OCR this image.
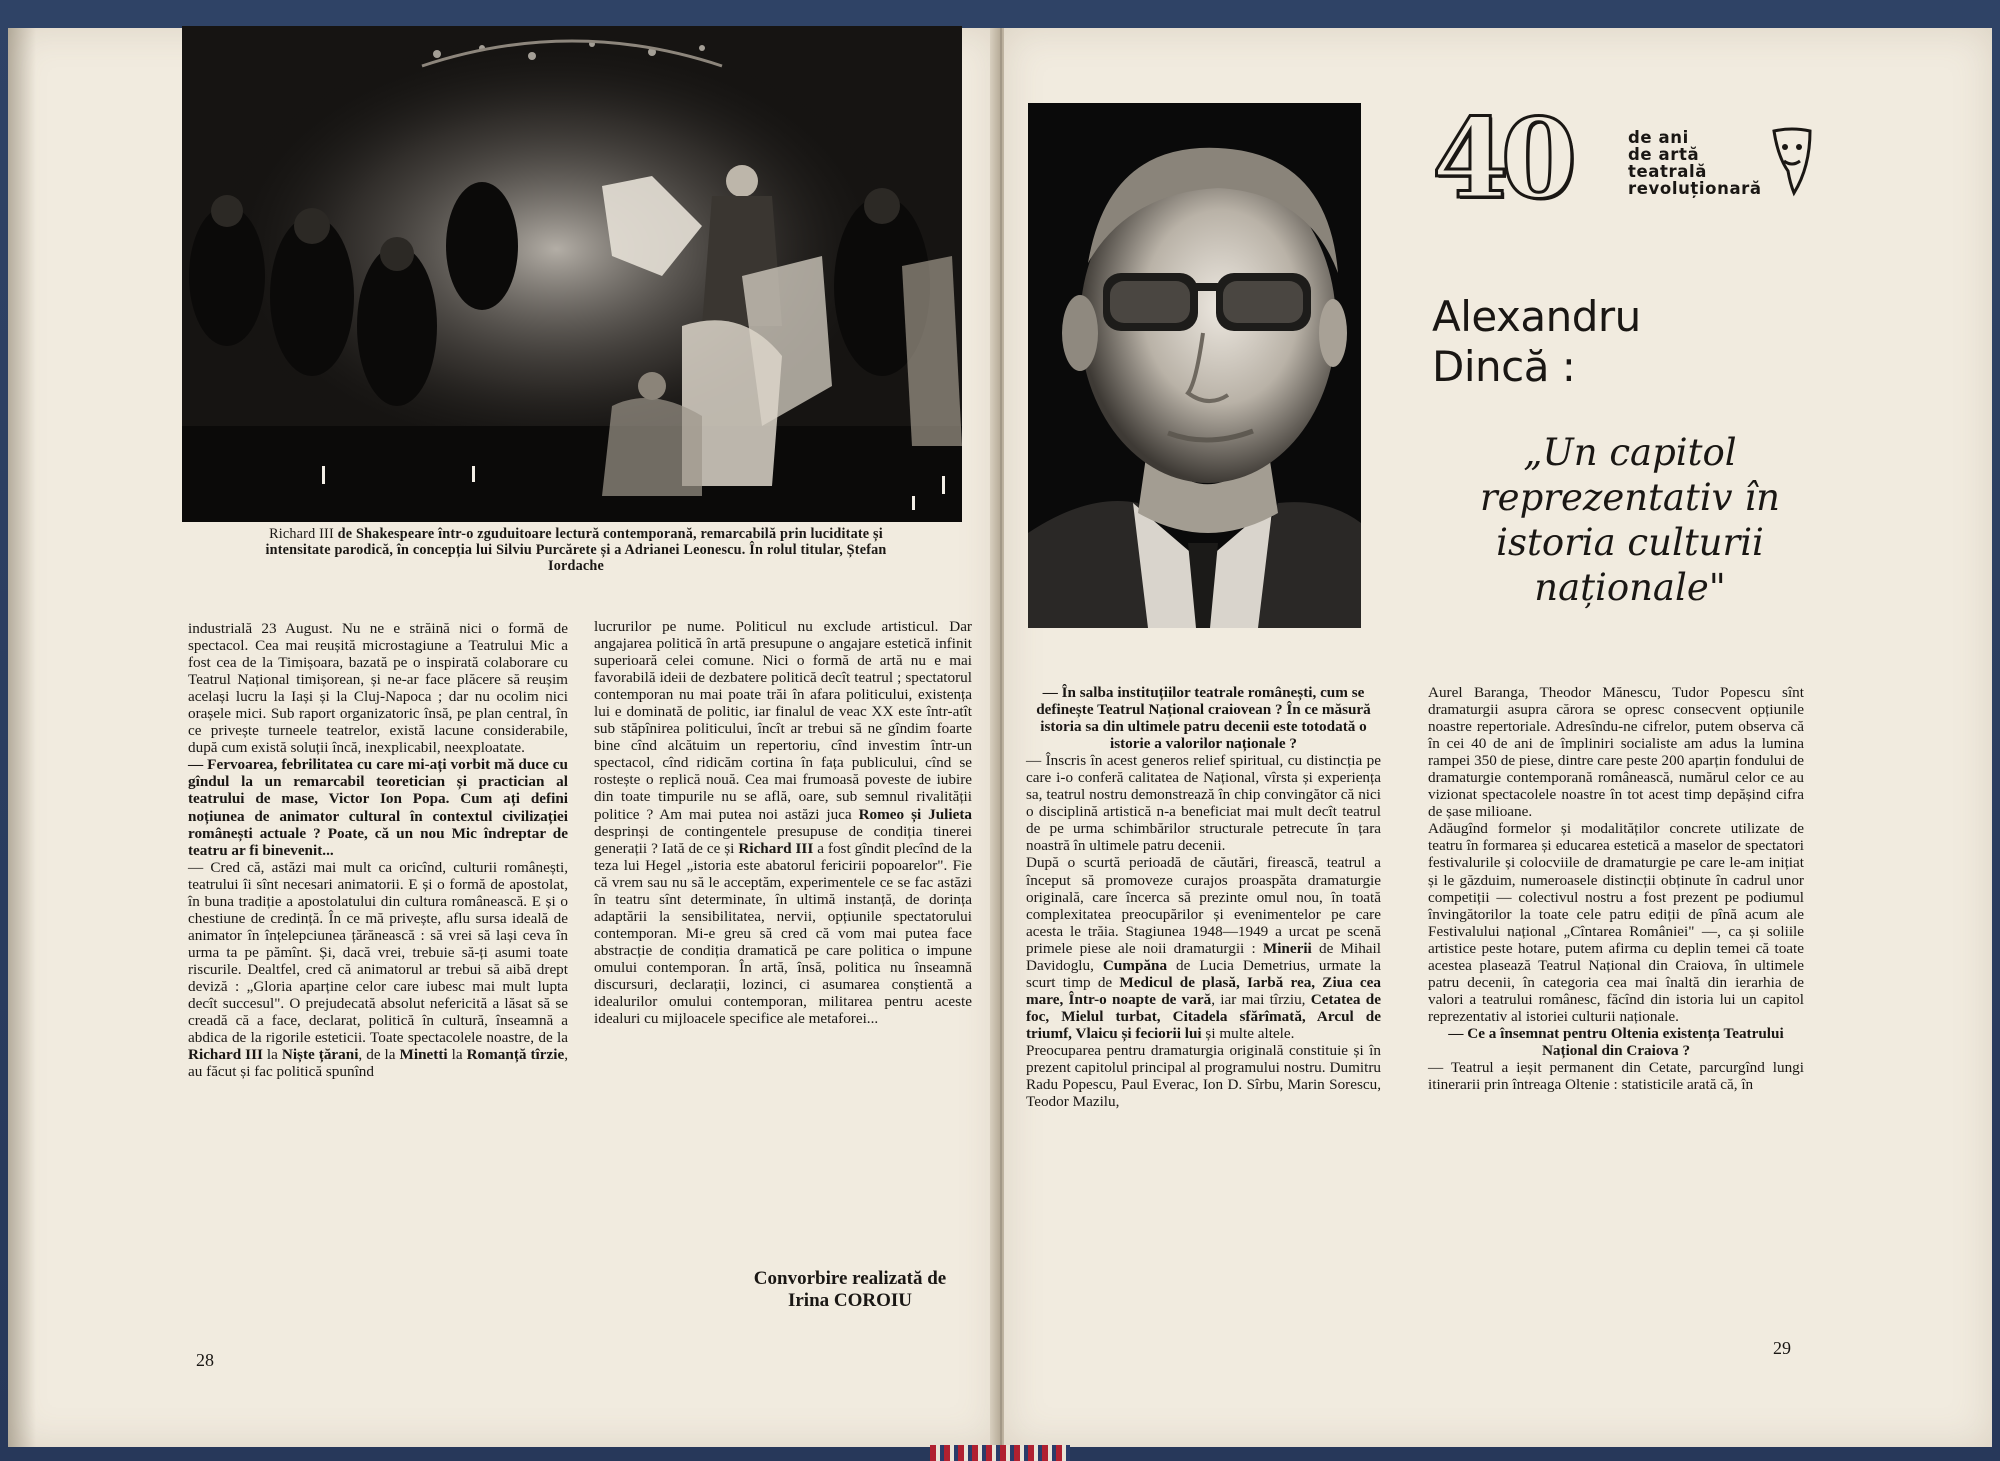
Richard III de Shakespeare într-o zguduitoare lectură contemporană, remarcabilă prin luciditate și intensitate parodică, în concepția lui Silviu Purcărete și a Adrianei Leonescu. În rolul titular, Ștefan Iordache

industrială 23 August. Nu ne e străină nici o formă de spectacol. Cea mai reușită microstagiune a Teatrului Mic a fost cea de la Timișoara, bazată pe o inspirată colaborare cu Teatrul Național timișorean, și ne-ar face plăcere să reușim același lucru la Iași și la Cluj-Napoca ; dar nu ocolim nici orașele mici. Sub raport organizatoric însă, pe plan central, în ce privește turneele teatrelor, există lacune considerabile, după cum există soluții încă, inexplicabil, neexploatate.

— Fervoarea, febrilitatea cu care mi-ați vorbit mă duce cu gîndul la un remarcabil teoretician și practician al teatrului de mase, Victor Ion Popa. Cum ați defini noțiunea de animator cultural în contextul civilizației românești actuale ? Poate, că un nou Mic îndreptar de teatru ar fi binevenit...

— Cred că, astăzi mai mult ca oricînd, culturii românești, teatrului îi sînt necesari animatorii. E și o formă de apostolat, în buna tradiție a apostolatului din cultura românească. E și o chestiune de credință. În ce mă privește, aflu sursa ideală de animator în înțelepciunea țărănească : să vrei să lași ceva în urma ta pe pămînt. Și, dacă vrei, trebuie să-ți asumi toate riscurile. Dealtfel, cred că animatorul ar trebui să aibă drept deviză : „Gloria aparține celor care iubesc mai mult lupta decît succesul". O prejudecată absolut nefericită a lăsat să se creadă că a face, declarat, politică în cultură, înseamnă a abdica de la rigorile esteticii. Toate spectacolele noastre, de la Richard III la Niște țărani, de la Minetti la Romanță tîrzie, au făcut și fac politică spunînd

lucrurilor pe nume. Politicul nu exclude artisticul. Dar angajarea politică în artă presupune o angajare estetică infinit superioară celei comune. Nici o formă de artă nu e mai favorabilă ideii de dezbatere politică decît teatrul ; spectatorul contemporan nu mai poate trăi în afara politicului, existența lui e dominată de politic, iar finalul de veac XX este într-atît sub stăpînirea politicului, încît ar trebui să ne gîndim foarte bine cînd alcătuim un repertoriu, cînd investim într-un spectacol, cînd ridicăm cortina în fața publicului, cînd se rostește o replică nouă. Cea mai frumoasă poveste de iubire din toate timpurile nu se află, oare, sub semnul rivalității politice ? Am mai putea noi astăzi juca Romeo și Julieta desprinși de contingentele presupuse de condiția tinerei generații ? Iată de ce și Richard III a fost gîndit plecînd de la teza lui Hegel „istoria este abatorul fericirii popoarelor". Fie că vrem sau nu să le acceptăm, experimentele ce se fac astăzi în teatru sînt determinate, în ultimă instanță, de dorința adaptării la sensibilitatea, nervii, opțiunile spectatorului contemporan. Mi-e greu să cred că vom mai putea face abstracție de condiția dramatică pe care politica o impune omului contemporan. În artă, însă, politica nu înseamnă discursuri, declarații, lozinci, ci asumarea conștientă a idealurilor omului contemporan, militarea pentru aceste idealuri cu mijloacele specifice ale metaforei...

Convorbire realizată de
Irina COROIU
28
40	de ani
de artă
teatrală
revoluționară
Alexandru
Dincă :
„Un capitol reprezentativ în istoria culturii naționale"

— În salba instituțiilor teatrale românești, cum se definește Teatrul Național craiovean ? În ce măsură istoria sa din ultimele patru decenii este totodată o istorie a valorilor naționale ?

— Înscris în acest generos relief spiritual, cu distincția pe care i-o conferă calitatea de Național, vîrsta și experiența sa, teatrul nostru demonstrează în chip convingător că nici o disciplină artistică n-a beneficiat mai mult decît teatrul de pe urma schimbărilor structurale petrecute în țara noastră în ultimele patru decenii.

După o scurtă perioadă de căutări, firească, teatrul a început să promoveze curajos proaspăta dramaturgie originală, care încerca să prezinte omul nou, în toată complexitatea preocupărilor și evenimentelor pe care acesta le trăia. Stagiunea 1948—1949 a urcat pe scenă primele piese ale noii dramaturgii : Minerii de Mihail Davidoglu, Cumpăna de Lucia Demetrius, urmate la scurt timp de Medicul de plasă, Iarbă rea, Ziua cea mare, Într-o noapte de vară, iar mai tîrziu, Cetatea de foc, Mielul turbat, Citadela sfărîmată, Arcul de triumf, Vlaicu și feciorii lui și multe altele.

Preocuparea pentru dramaturgia originală constituie și în prezent capitolul principal al programului nostru. Dumitru Radu Popescu, Paul Everac, Ion D. Sîrbu, Marin Sorescu, Teodor Mazilu,

Aurel Baranga, Theodor Mănescu, Tudor Popescu sînt dramaturgii asupra cărora se opresc consecvent opțiunile noastre repertoriale. Adresîndu-ne cifrelor, putem observa că în cei 40 de ani de împliniri socialiste am adus la lumina rampei 350 de piese, dintre care peste 200 aparțin fondului de dramaturgie contemporană românească, numărul celor ce au vizionat spectacolele noastre în tot acest timp depășind cifra de șase milioane.

Adăugînd formelor și modalităților concrete utilizate de teatru în formarea și educarea estetică a maselor de spectatori festivalurile și colocviile de dramaturgie pe care le-am inițiat și le găzduim, numeroasele distincții obținute în cadrul unor competiții — colectivul nostru a fost prezent pe podiumul învingătorilor la toate cele patru ediții de pînă acum ale Festivalului național „Cîntarea României" —, ca și soliile artistice peste hotare, putem afirma cu deplin temei că toate acestea plasează Teatrul Național din Craiova, în ultimele patru decenii, în categoria cea mai înaltă din ierarhia de valori a teatrului românesc, făcînd din istoria lui un capitol reprezentativ al istoriei culturii naționale.

— Ce a însemnat pentru Oltenia existența Teatrului Național din Craiova ?

— Teatrul a ieșit permanent din Cetate, parcurgînd lungi itinerarii prin întreaga Oltenie : statisticile arată că, în

29
